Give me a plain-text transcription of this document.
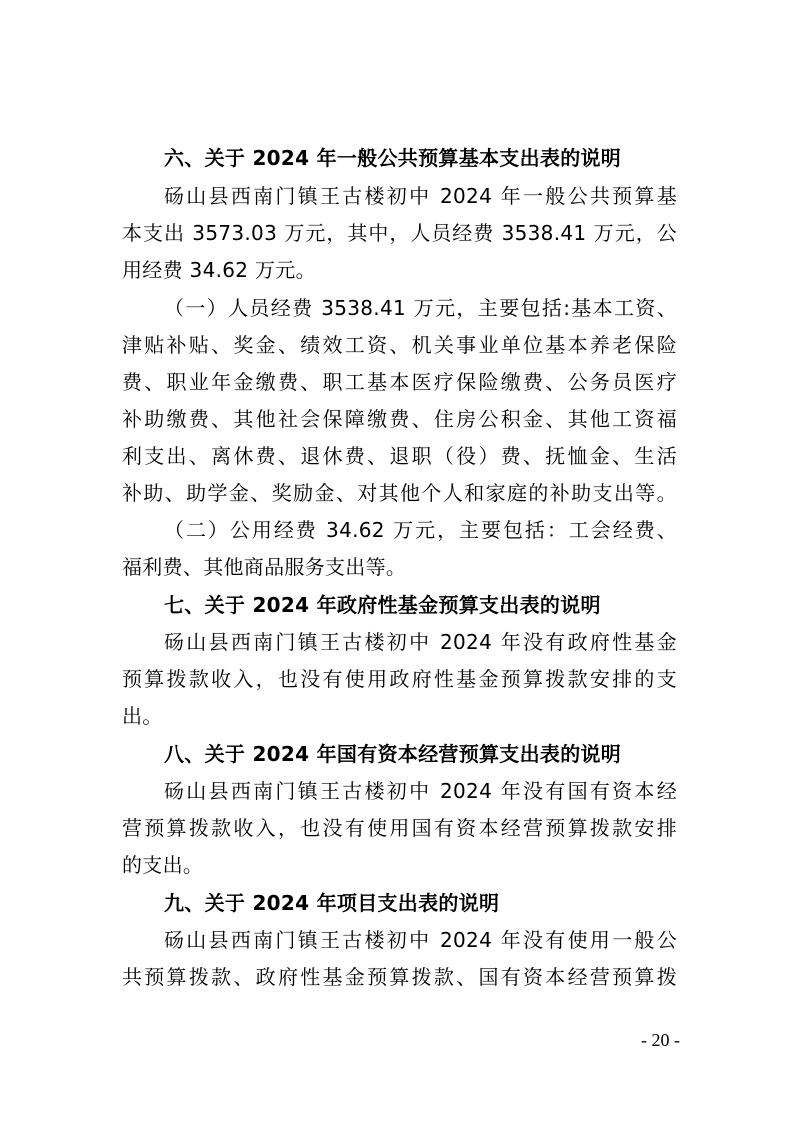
六、关于 2024 年一般公共预算基本支出表的说明
砀山县西南门镇王古楼初中 2024 年一般公共预算基
本支出 3573.03 万元，其中，人员经费 3538.41 万元，公
用经费 34.62 万元。
（一）人员经费 3538.41 万元，主要包括:基本工资、
津贴补贴、奖金、绩效工资、机关事业单位基本养老保险
费、职业年金缴费、职工基本医疗保险缴费、公务员医疗
补助缴费、其他社会保障缴费、住房公积金、其他工资福
利支出、离休费、退休费、退职（役）费、抚恤金、生活
补助、助学金、奖励金、对其他个人和家庭的补助支出等。
（二）公用经费 34.62 万元，主要包括：工会经费、
福利费、其他商品服务支出等。
七、关于 2024 年政府性基金预算支出表的说明
砀山县西南门镇王古楼初中 2024 年没有政府性基金
预算拨款收入，也没有使用政府性基金预算拨款安排的支
出。
八、关于 2024 年国有资本经营预算支出表的说明
砀山县西南门镇王古楼初中 2024 年没有国有资本经
营预算拨款收入，也没有使用国有资本经营预算拨款安排
的支出。
九、关于 2024 年项目支出表的说明
砀山县西南门镇王古楼初中 2024 年没有使用一般公
共预算拨款、政府性基金预算拨款、国有资本经营预算拨
- 20 -
